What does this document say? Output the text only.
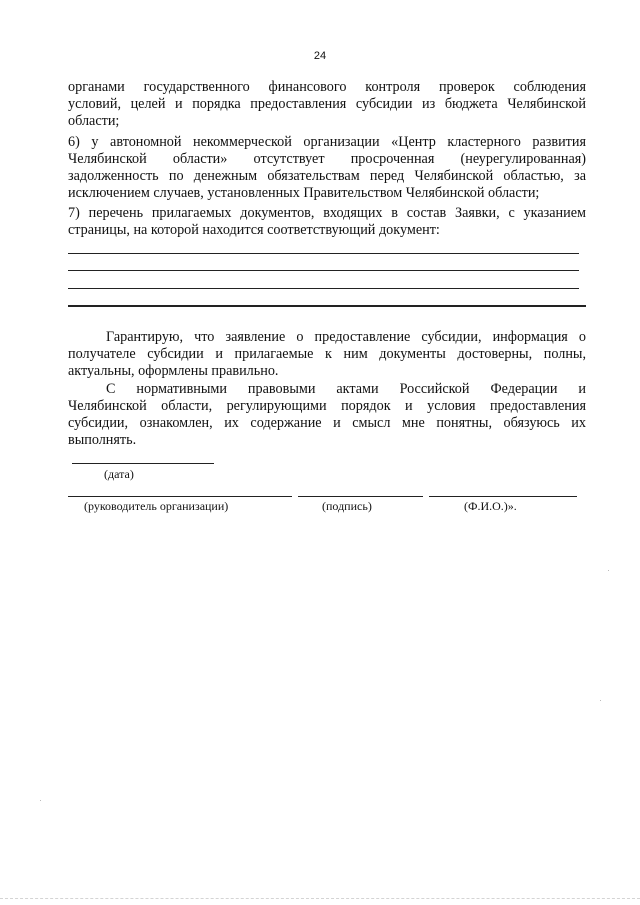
24
органами государственного финансового контроля проверок соблюдения
условий, целей и порядка предоставления субсидии из бюджета Челябинской
области;
6) у автономной некоммерческой организации «Центр кластерного развития
Челябинской области» отсутствует просроченная (неурегулированная)
задолженность по денежным обязательствам перед Челябинской областью, за
исключением случаев, установленных Правительством Челябинской области;
7) перечень прилагаемых документов, входящих в состав Заявки, с указанием
страницы, на которой находится соответствующий документ:
Гарантирую, что заявление о предоставление субсидии, информация о
получателе субсидии и прилагаемые к ним документы достоверны, полны,
актуальны, оформлены правильно.
С нормативными правовыми актами Российской Федерации и
Челябинской области, регулирующими порядок и условия предоставления
субсидии, ознакомлен, их содержание и смысл мне понятны, обязуюсь их
выполнять.
(дата)
(руководитель организации)	(подпись)	(Ф.И.О.)».
